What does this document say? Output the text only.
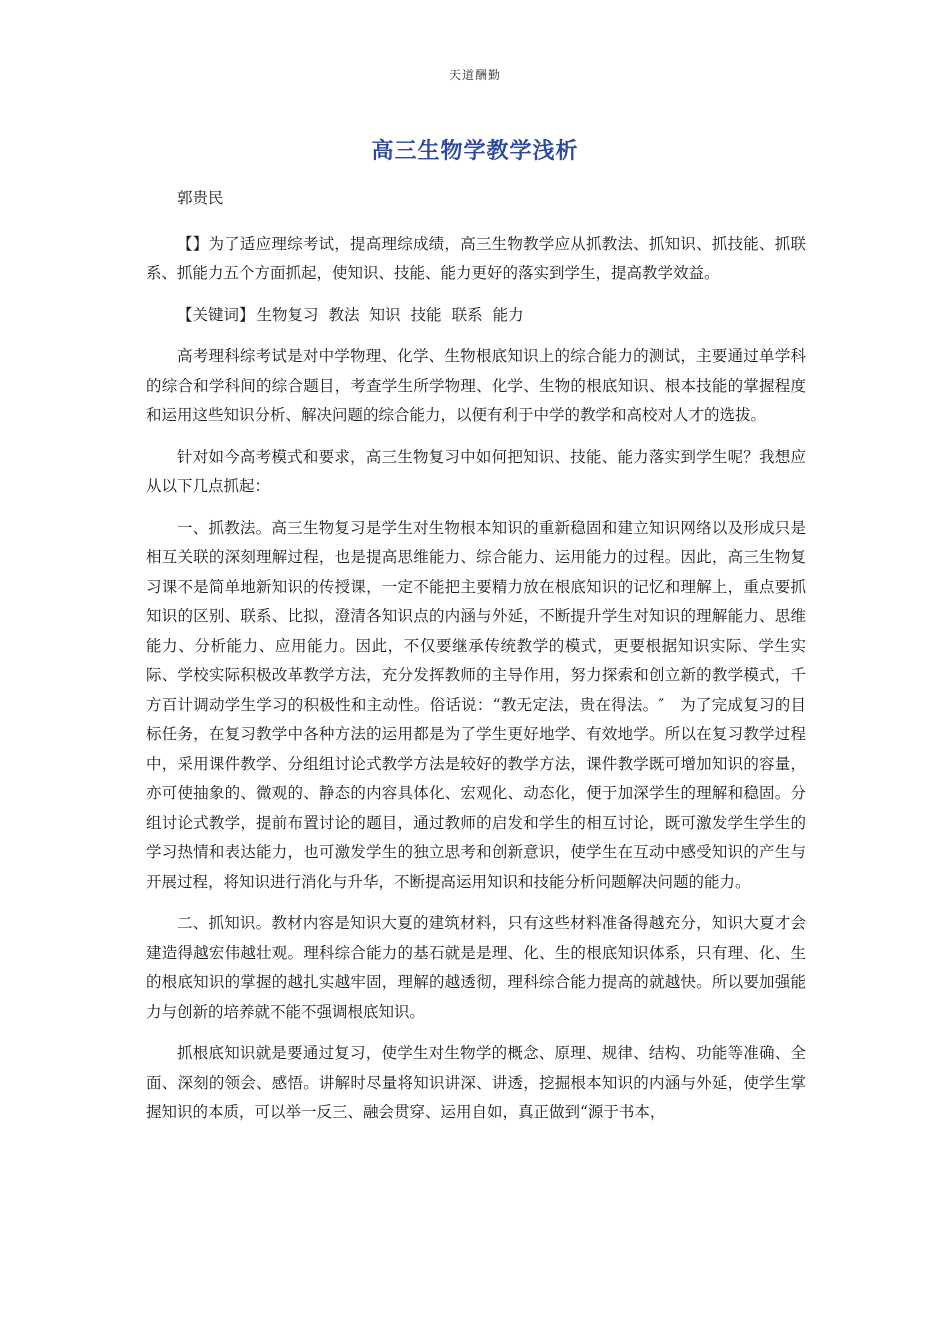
天道酬勤
高三生物学教学浅析

郭贵民

【】为了适应理综考试，提高理综成绩，高三生物教学应从抓教法、抓知识、抓技能、抓联系、抓能力五个方面抓起，使知识、技能、能力更好的落实到学生，提高教学效益。

【关键词】 生物复习 教法 知识 技能 联系 能力

高考理科综考试是对中学物理、化学、生物根底知识上的综合能力的测试，主要通过单学科的综合和学科间的综合题目，考查学生所学物理、化学、生物的根底知识、根本技能的掌握程度和运用这些知识分析、解决问题的综合能力，以便有利于中学的教学和高校对人才的选拔。

针对如今高考模式和要求，高三生物复习中如何把知识、技能、能力落实到学生呢？我想应从以下几点抓起：

一、抓教法。高三生物复习是学生对生物根本知识的重新稳固和建立知识网络以及形成只是相互关联的深刻理解过程，也是提高思维能力、综合能力、运用能力的过程。因此，高三生物复习课不是简单地新知识的传授课，一定不能把主要精力放在根底知识的记忆和理解上，重点要抓知识的区别、联系、比拟，澄清各知识点的内涵与外延，不断提升学生对知识的理解能力、思维能力、分析能力、应用能力。因此，不仅要继承传统教学的模式，更要根据知识实际、学生实际、学校实际积极改革教学方法，充分发挥教师的主导作用，努力探索和创立新的教学模式，千方百计调动学生学习的积极性和主动性。俗话说：“教无定法，贵在得法。″　为了完成复习的目标任务，在复习教学中各种方法的运用都是为了学生更好地学、有效地学。所以在复习教学过程中，采用课件教学、分组组讨论式教学方法是较好的教学方法，课件教学既可增加知识的容量，亦可使抽象的、微观的、静态的内容具体化、宏观化、动态化，便于加深学生的理解和稳固。分组讨论式教学，提前布置讨论的题目，通过教师的启发和学生的相互讨论，既可激发学生学生的学习热情和表达能力，也可激发学生的独立思考和创新意识，使学生在互动中感受知识的产生与开展过程，将知识进行消化与升华，不断提高运用知识和技能分析问题解决问题的能力。

二、抓知识。教材内容是知识大夏的建筑材料，只有这些材料准备得越充分，知识大夏才会建造得越宏伟越壮观。理科综合能力的基石就是是理、化、生的根底知识体系，只有理、化、生的根底知识的掌握的越扎实越牢固，理解的越透彻，理科综合能力提高的就越快。所以要加强能力与创新的培养就不能不强调根底知识。

抓根底知识就是要通过复习，使学生对生物学的概念、原理、规律、结构、功能等准确、全面、深刻的领会、感悟。讲解时尽量将知识讲深、讲透，挖掘根本知识的内涵与外延，使学生掌握知识的本质，可以举一反三、融会贯穿、运用自如，真正做到“源于书本，
